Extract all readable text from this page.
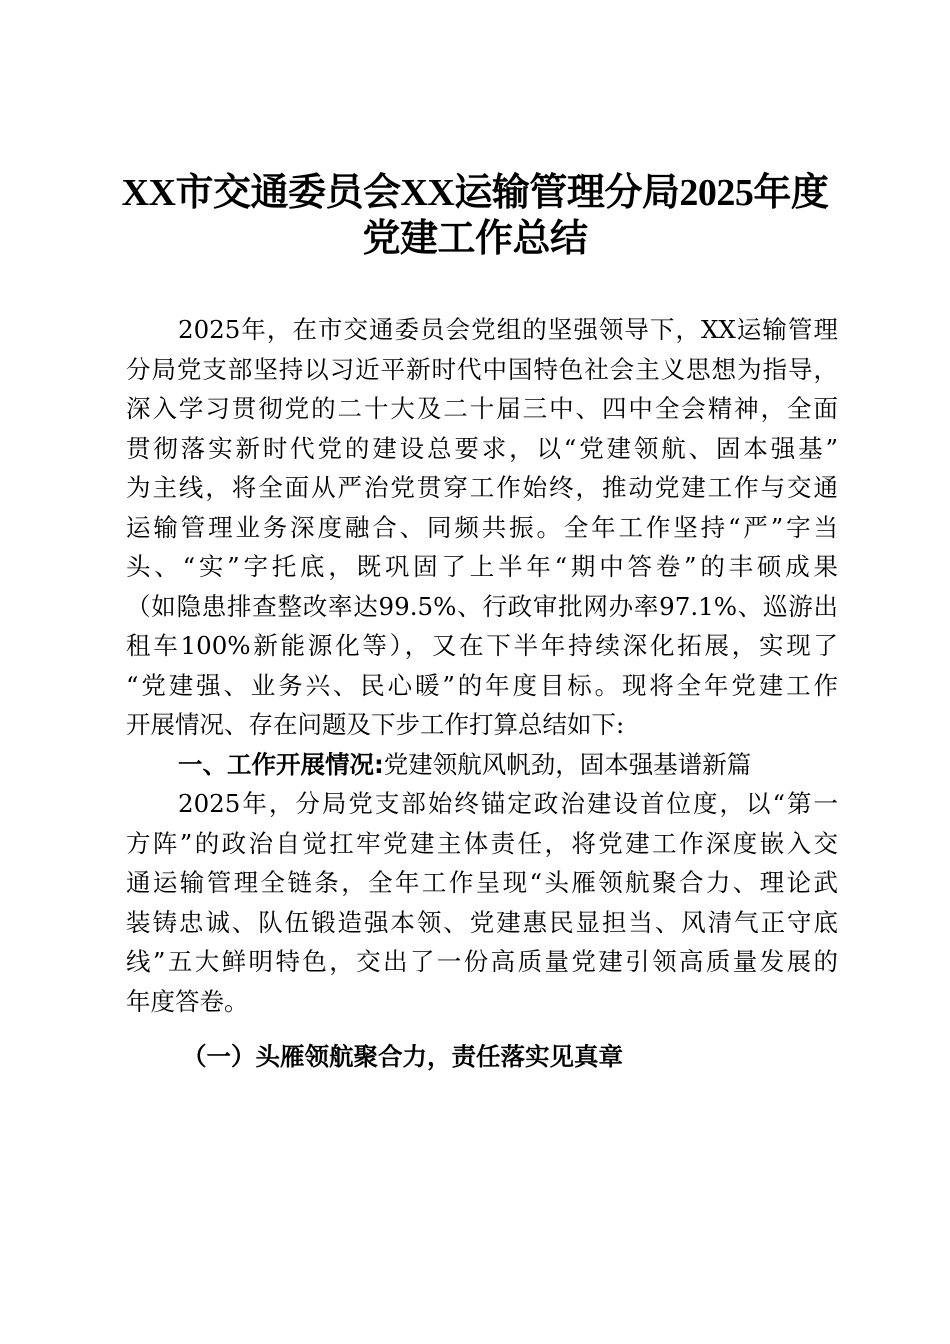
XX市交通委员会XX运输管理分局2025年度
党建工作总结
2025年，在市交通委员会党组的坚强领导下，XX运输管理
分局党支部坚持以习近平新时代中国特色社会主义思想为指导，
深入学习贯彻党的二十大及二十届三中、四中全会精神，全面
贯彻落实新时代党的建设总要求，以“党建领航、固本强基”
为主线，将全面从严治党贯穿工作始终，推动党建工作与交通
运输管理业务深度融合、同频共振。全年工作坚持“严”字当
头、“实”字托底，既巩固了上半年“期中答卷”的丰硕成果
（如隐患排查整改率达99.5%、行政审批网办率97.1%、巡游出
租车100%新能源化等），又在下半年持续深化拓展，实现了
“党建强、业务兴、民心暖”的年度目标。现将全年党建工作
开展情况、存在问题及下步工作打算总结如下:
一、工作开展情况:党建领航风帆劲，固本强基谱新篇
2025年，分局党支部始终锚定政治建设首位度，以“第一
方阵”的政治自觉扛牢党建主体责任，将党建工作深度嵌入交
通运输管理全链条，全年工作呈现“头雁领航聚合力、理论武
装铸忠诚、队伍锻造强本领、党建惠民显担当、风清气正守底
线”五大鲜明特色，交出了一份高质量党建引领高质量发展的
年度答卷。
（一）头雁领航聚合力，责任落实见真章
